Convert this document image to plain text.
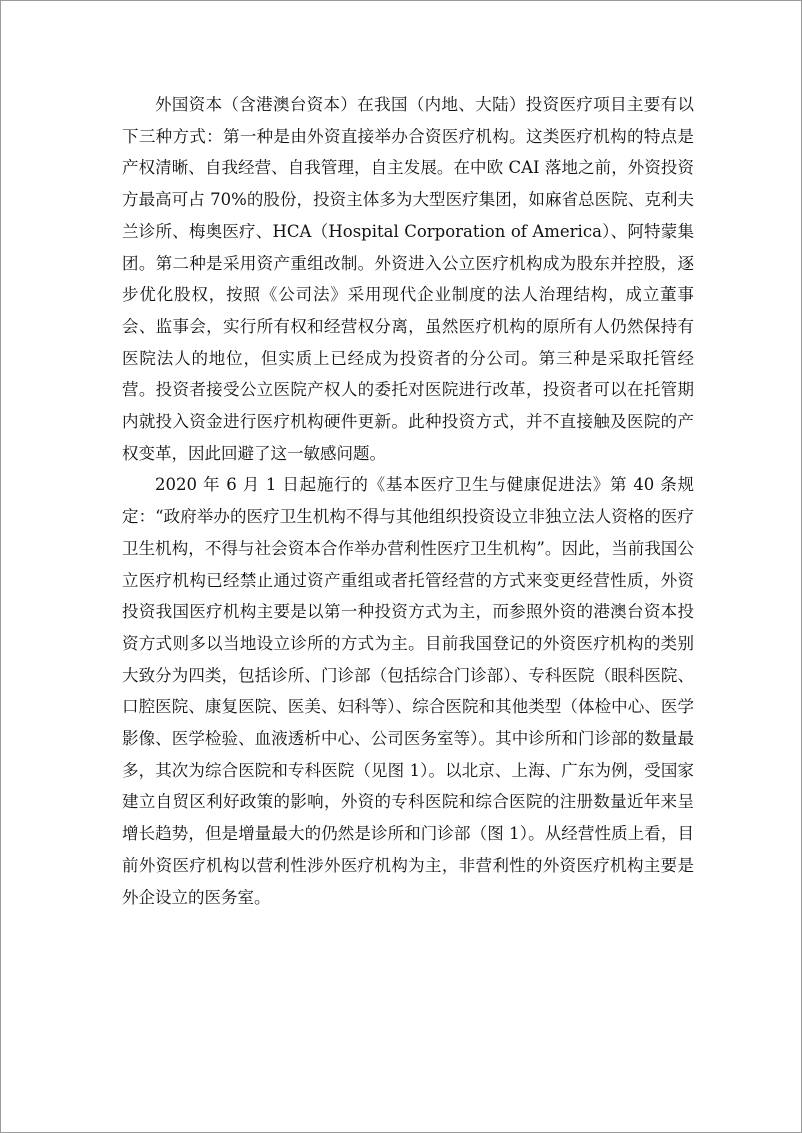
外国资本（含港澳台资本）在我国（内地、大陆）投资医疗项目主要有以下三种方式：第一种是由外资直接举办合资医疗机构。这类医疗机构的特点是产权清晰、自我经营、自我管理，自主发展。在中欧 CAI 落地之前，外资投资方最高可占 70%的股份，投资主体多为大型医疗集团，如麻省总医院、克利夫兰诊所、梅奥医疗、HCA（Hospital Corporation of America）、阿特蒙集团。第二种是采用资产重组改制。外资进入公立医疗机构成为股东并控股，逐步优化股权，按照《公司法》采用现代企业制度的法人治理结构，成立董事会、监事会，实行所有权和经营权分离，虽然医疗机构的原所有人仍然保持有医院法人的地位，但实质上已经成为投资者的分公司。第三种是采取托管经营。投资者接受公立医院产权人的委托对医院进行改革，投资者可以在托管期内就投入资金进行医疗机构硬件更新。此种投资方式，并不直接触及医院的产权变革，因此回避了这一敏感问题。

2020 年 6 月 1 日起施行的《基本医疗卫生与健康促进法》第 40 条规定：“政府举办的医疗卫生机构不得与其他组织投资设立非独立法人资格的医疗卫生机构，不得与社会资本合作举办营利性医疗卫生机构”。因此，当前我国公立医疗机构已经禁止通过资产重组或者托管经营的方式来变更经营性质，外资投资我国医疗机构主要是以第一种投资方式为主，而参照外资的港澳台资本投资方式则多以当地设立诊所的方式为主。目前我国登记的外资医疗机构的类别大致分为四类，包括诊所、门诊部（包括综合门诊部）、专科医院（眼科医院、口腔医院、康复医院、医美、妇科等）、综合医院和其他类型（体检中心、医学影像、医学检验、血液透析中心、公司医务室等）。其中诊所和门诊部的数量最多，其次为综合医院和专科医院（见图 1）。以北京、上海、广东为例，受国家建立自贸区利好政策的影响，外资的专科医院和综合医院的注册数量近年来呈增长趋势，但是增量最大的仍然是诊所和门诊部（图 1）。从经营性质上看，目前外资医疗机构以营利性涉外医疗机构为主，非营利性的外资医疗机构主要是外企设立的医务室。
